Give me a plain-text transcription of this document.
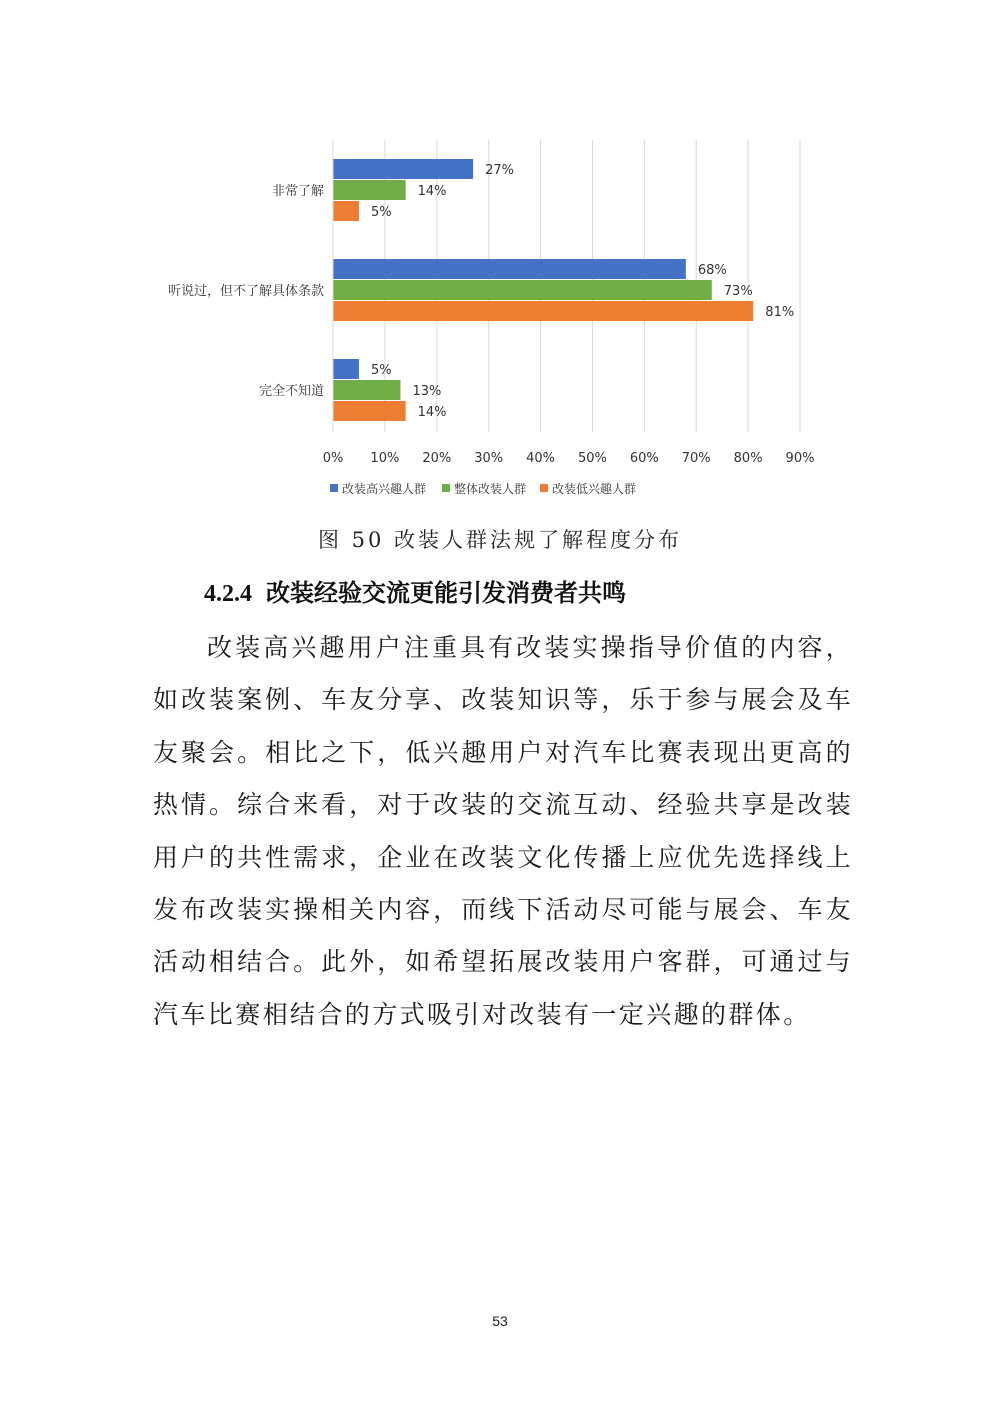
0% 10% 20% 30% 40% 50% 60% 70% 80% 90%
非常了解
听说过，但不了解具体条款
完全不知道
27%
68%
5%
14%
73%
13%
5%
81%
14%
改装高兴趣人群 整体改装人群 改装低兴趣人群
图 50 改装人群法规了解程度分布
4.2.4 改装经验交流更能引发消费者共鸣

改装高兴趣用户注重具有改装实操指导价值的内容，如改装案例、车友分享、改装知识等，乐于参与展会及车友聚会。相比之下，低兴趣用户对汽车比赛表现出更高的热情。综合来看，对于改装的交流互动、经验共享是改装用户的共性需求，企业在改装文化传播上应优先选择线上发布改装实操相关内容，而线下活动尽可能与展会、车友活动相结合。此外，如希望拓展改装用户客群，可通过与汽车比赛相结合的方式吸引对改装有一定兴趣的群体。

53
